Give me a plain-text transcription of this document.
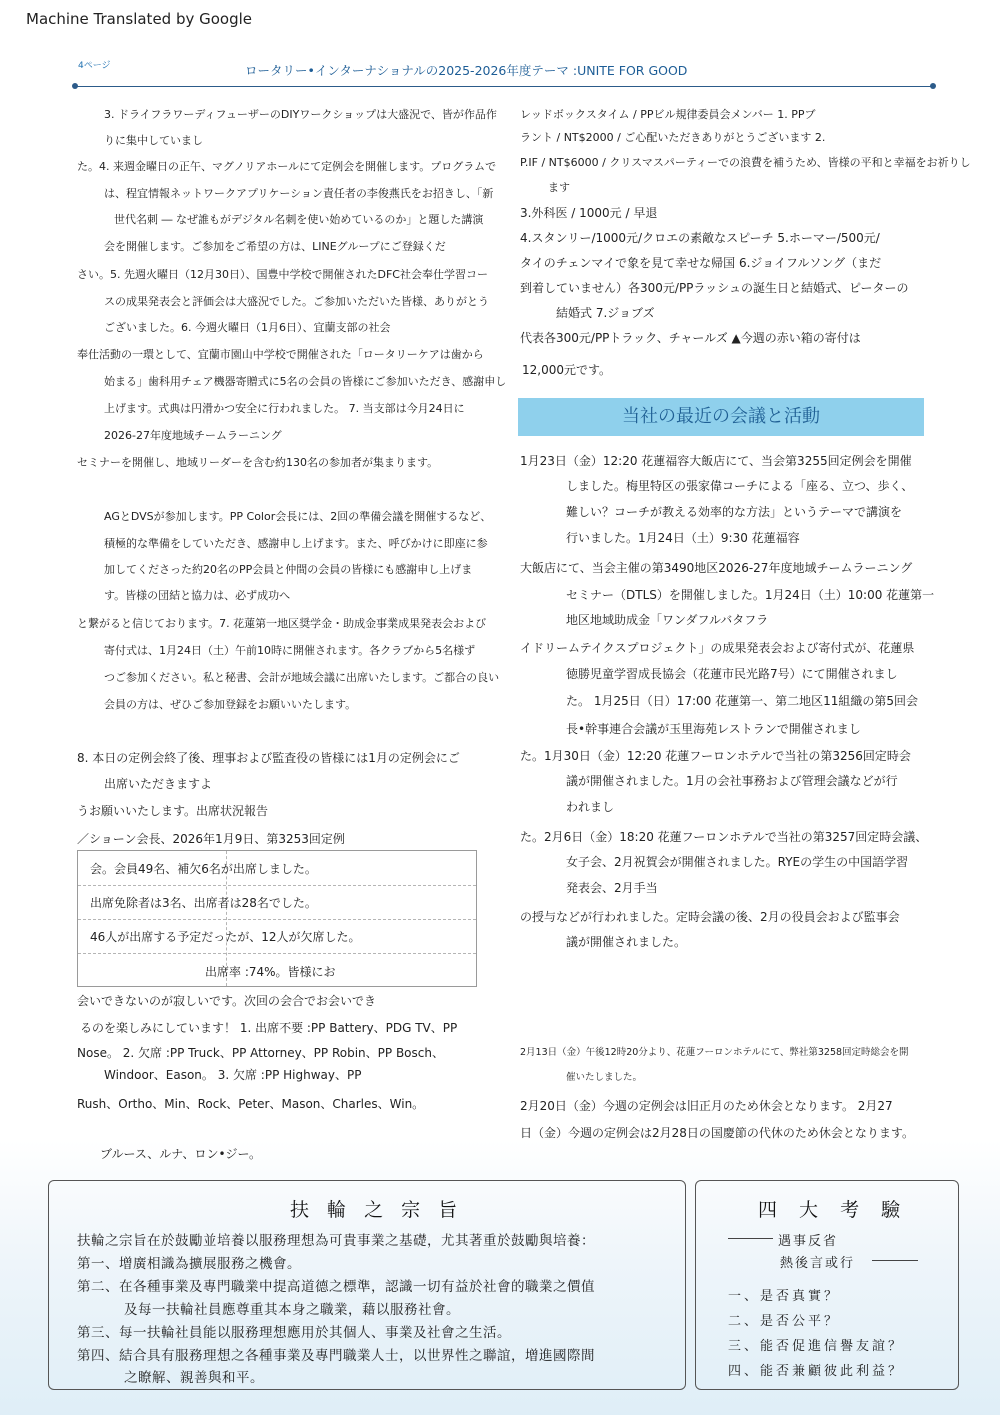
Machine Translated by Google
4ページ	ロータリー•インターナショナルの2025-2026年度テーマ :UNITE FOR GOOD
3. ドライフラワーディフューザーのDIYワークショップは大盛況で、皆が作品作
りに集中していまし
た。4. 来週金曜日の正午、マグノリアホールにて定例会を開催します。プログラムで
は、程宜情報ネットワークアプリケーション責任者の李俊燕氏をお招きし、「新
世代名刺 ― なぜ誰もがデジタル名刺を使い始めているのか」と題した講演
会を開催します。ご参加をご希望の方は、LINEグループにご登録くだ
さい。5. 先週火曜日（12月30日）、国豊中学校で開催されたDFC社会奉仕学習コー
スの成果発表会と評価会は大盛況でした。ご参加いただいた皆様、ありがとう
ございました。6. 今週火曜日（1月6日）、宜蘭支部の社会
奉仕活動の一環として、宜蘭市園山中学校で開催された「ロータリーケアは歯から
始まる」歯科用チェア機器寄贈式に5名の会員の皆様にご参加いただき、感謝申し
上げます。式典は円滑かつ安全に行われました。 7. 当支部は今月24日に
2026-27年度地域チームラーニング
セミナーを開催し、地域リーダーを含む約130名の参加者が集まります。
AGとDVSが参加します。PP Color会長には、2回の準備会議を開催するなど、
積極的な準備をしていただき、感謝申し上げます。また、呼びかけに即座に参
加してくださった約20名のPP会員と仲間の会員の皆様にも感謝申し上げま
す。皆様の団結と協力は、必ず成功へ
と繋がると信じております。7. 花蓮第一地区奨学金・助成金事業成果発表会および
寄付式は、1月24日（土）午前10時に開催されます。各クラブから5名様ず
つご参加ください。私と秘書、会計が地域会議に出席いたします。ご都合の良い
会員の方は、ぜひご参加登録をお願いいたします。
8. 本日の定例会終了後、理事および監査役の皆様には1月の定例会にご
出席いただきますよ
うお願いいたします。出席状況報告
／ショーン会長、2026年1月9日、第3253回定例
会。会員49名、補欠6名が出席しました。
出席免除者は3名、出席者は28名でした。
46人が出席する予定だったが、12人が欠席した。
出席率 :74%。皆様にお
会いできないのが寂しいです。次回の会合でお会いでき
るのを楽しみにしています！ 1. 出席不要 :PP Battery、PDG TV、PP
Nose。 2. 欠席 :PP Truck、PP Attorney、PP Robin、PP Bosch、
Windoor、Eason。 3. 欠席 :PP Highway、PP
Rush、Ortho、Min、Rock、Peter、Mason、Charles、Win。
ブルース、ルナ、ロン•ジー。
レッドボックスタイム / PPビル規律委員会メンバー 1. PPブ
ラント / NT$2000 / ご心配いただきありがとうございます 2.
P.IF / NT$6000 / クリスマスパーティーでの浪費を補うため、皆様の平和と幸福をお祈りし
ます
3.外科医 / 1000元 / 早退
4.スタンリー/1000元/クロエの素敵なスピーチ 5.ホーマー/500元/
タイのチェンマイで象を見て幸せな帰国 6.ジョイフルソング（まだ
到着していません）各300元/PPラッシュの誕生日と結婚式、ピーターの
結婚式 7.ジョブズ
代表各300元/PPトラック、チャールズ ▲今週の赤い箱の寄付は
12,000元です。
当社の最近の会議と活動
1月23日（金）12:20 花蓮福容大飯店にて、当会第3255回定例会を開催
しました。梅里特区の張家偉コーチによる「座る、立つ、歩く、
難しい？コーチが教える効率的な方法」というテーマで講演を
行いました。1月24日（土）9:30 花蓮福容
大飯店にて、当会主催の第3490地区2026-27年度地域チームラーニング
セミナー（DTLS）を開催しました。1月24日（土）10:00 花蓮第一
地区地域助成金「ワンダフルバタフラ
イドリームテイクスプロジェクト」の成果発表会および寄付式が、花蓮県
徳勝児童学習成長協会（花蓮市民光路7号）にて開催されまし
た。 1月25日（日）17:00 花蓮第一、第二地区11組織の第5回会
長•幹事連合会議が玉里海苑レストランで開催されまし
た。1月30日（金）12:20 花蓮フーロンホテルで当社の第3256回定時会
議が開催されました。1月の会社事務および管理会議などが行
われまし
た。2月6日（金）18:20 花蓮フーロンホテルで当社の第3257回定時会議、
女子会、2月祝賀会が開催されました。RYEの学生の中国語学習
発表会、2月手当
の授与などが行われました。定時会議の後、2月の役員会および監事会
議が開催されました。
2月13日（金）午後12時20分より、花蓮フーロンホテルにて、弊社第3258回定時総会を開
催いたしました。
2月20日（金）今週の定例会は旧正月のため休会となります。 2月27
日（金）今週の定例会は2月28日の国慶節の代休のため休会となります。
扶 輪 之 宗 旨
扶輪之宗旨在於鼓勵並培養以服務理想為可貴事業之基礎，尤其著重於鼓勵與培養：
第一、增廣相識為擴展服務之機會。
第二、在各種事業及專門職業中提高道德之標準，認識一切有益於社會的職業之價值
及每一扶輪社員應尊重其本身之職業，藉以服務社會。
第三、每一扶輪社員能以服務理想應用於其個人、事業及社會之生活。
第四、結合具有服務理想之各種事業及專門職業人士，以世界性之聯誼，增進國際間
之瞭解、親善與和平。
四 大 考 驗
遇事反省
熱後言或行
一、是否真實？
二、是否公平？
三、能否促進信譽友誼？
四、能否兼顧彼此利益？
